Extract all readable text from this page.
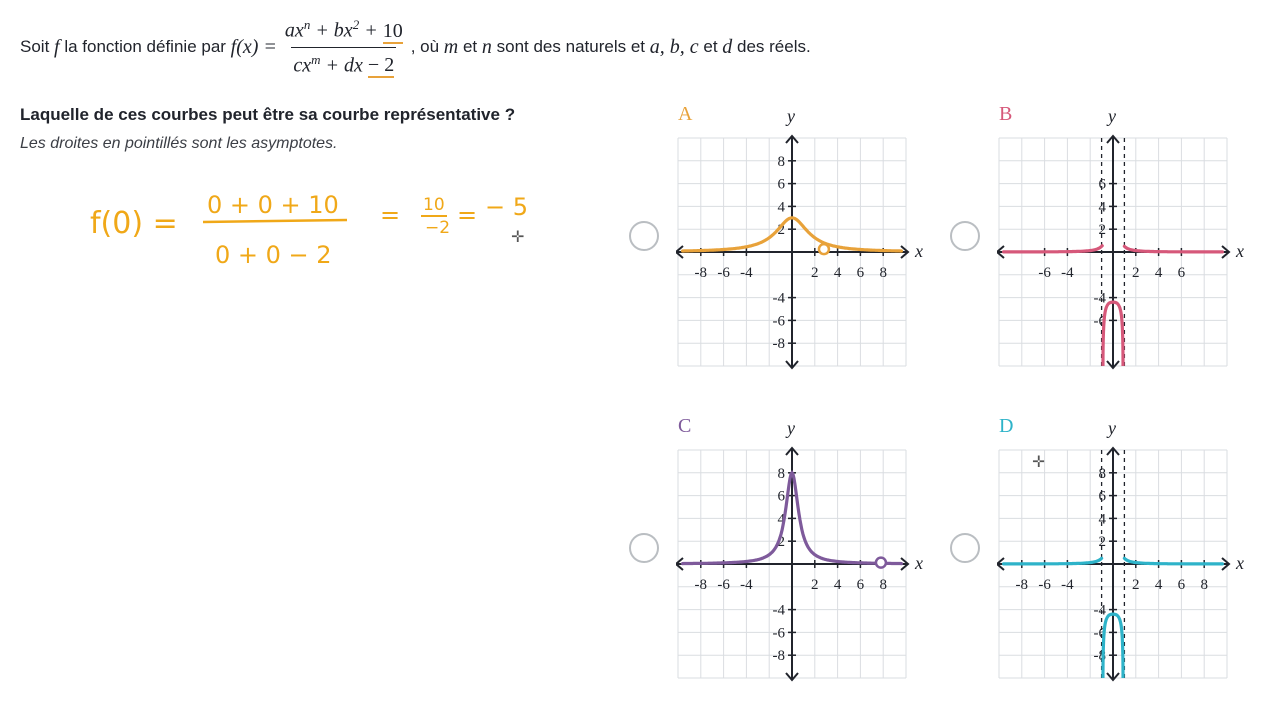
Soit
f
la fonction définie par
$f(x) = \frac{ax^n + bx^2 + 10}{cx^m + dx - 2}$ , où
m
et
n
sont des naturels et
a, b, c
et
d
des réels.
Laquelle de ces courbes peut être sa courbe représentative ?
Les droites en pointillés sont les asymptotes.
f(0) =
0 + 0 + 10
0 + 0 − 2
= 10
−2 = − 5
✛
✛
A	y
x
8
6
4
2
-4
-6
-8
-8 -6 -4	2 4 6 8
B	y
x
6
4
2
-4
-6
-6 -4	2 4 6
C	y
x
8
6
4
2
-4
-6
-8
-8 -6 -4	2 4 6 8
D	y
x
8
6
4
2
-4
-6
-8
-8 -6 -4	2 4 6 8
